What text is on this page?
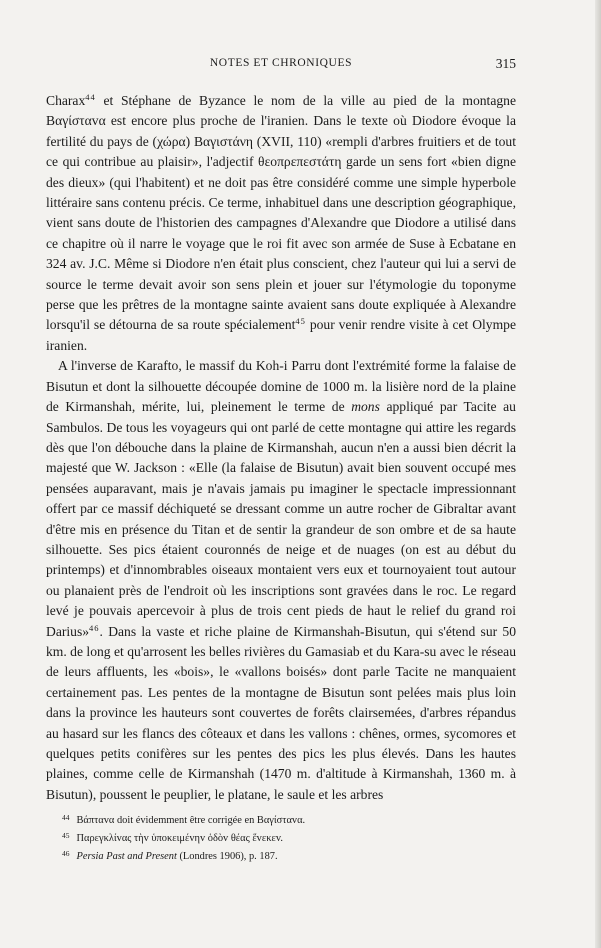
NOTES ET CHRONIQUES	315

Charax$^{44}$ et Stéphane de Byzance le nom de la ville au pied de la montagne Βαγίσταvα est encore plus proche de l'iranien. Dans le texte où Diodore évoque la fertilité du pays de (χώρα) Βαγιστάνη (XVII, 110) «rempli d'arbres fruitiers et de tout ce qui contribue au plaisir», l'adjectif θεοπρεπεστάτη garde un sens fort «bien digne des dieux» (qui l'habitent) et ne doit pas être considéré comme une simple hyperbole littéraire sans contenu précis. Ce terme, inhabituel dans une description géographique, vient sans doute de l'historien des campagnes d'Alexandre que Diodore a utilisé dans ce chapitre où il narre le voyage que le roi fit avec son armée de Suse à Ecbatane en 324 av. J.C. Même si Diodore n'en était plus conscient, chez l'auteur qui lui a servi de source le terme devait avoir son sens plein et jouer sur l'étymologie du toponyme perse que les prêtres de la montagne sainte avaient sans doute expliquée à Alexandre lorsqu'il se détourna de sa route spécialement$^{45}$ pour venir rendre visite à cet Olympe iranien.

A l'inverse de Karafto, le massif du Koh-i Parru dont l'extrémité forme la falaise de Bisutun et dont la silhouette découpée domine de 1000 m. la lisière nord de la plaine de Kirmanshah, mérite, lui, pleinement le terme de mons appliqué par Tacite au Sambulos. De tous les voyageurs qui ont parlé de cette montagne qui attire les regards dès que l'on débouche dans la plaine de Kirmanshah, aucun n'en a aussi bien décrit la majesté que W. Jackson : «Elle (la falaise de Bisutun) avait bien souvent occupé mes pensées auparavant, mais je n'avais jamais pu imaginer le spectacle impressionnant offert par ce massif déchiqueté se dressant comme un autre rocher de Gibraltar avant d'être mis en présence du Titan et de sentir la grandeur de son ombre et de sa haute silhouette. Ses pics étaient couronnés de neige et de nuages (on est au début du printemps) et d'innombrables oiseaux montaient vers eux et tournoyaient tout autour ou planaient près de l'endroit où les inscriptions sont gravées dans le roc. Le regard levé je pouvais apercevoir à plus de trois cent pieds de haut le relief du grand roi Darius»$^{46}$. Dans la vaste et riche plaine de Kirmanshah-Bisutun, qui s'étend sur 50 km. de long et qu'arrosent les belles rivières du Gamasiab et du Kara-su avec le réseau de leurs affluents, les «bois», le «vallons boisés» dont parle Tacite ne manquaient certainement pas. Les pentes de la montagne de Bisutun sont pelées mais plus loin dans la province les hauteurs sont couvertes de forêts clairsemées, d'arbres répandus au hasard sur les flancs des côteaux et dans les vallons : chênes, ormes, sycomores et quelques petits conifères sur les pentes des pics les plus élevés. Dans les hautes plaines, comme celle de Kirmanshah (1470 m. d'altitude à Kirmanshah, 1360 m. à Bisutun), poussent le peuplier, le platane, le saule et les arbres

$^{44}$ Βάπταvα doit évidemment être corrigée en Βαγίσταvα.

$^{45}$ Παρεγκλίvας τὴv ὑποκειμέvηv ὁδὸv θέας ἕvεκεv.

$^{46}$ Persia Past and Present (Londres 1906), p. 187.
